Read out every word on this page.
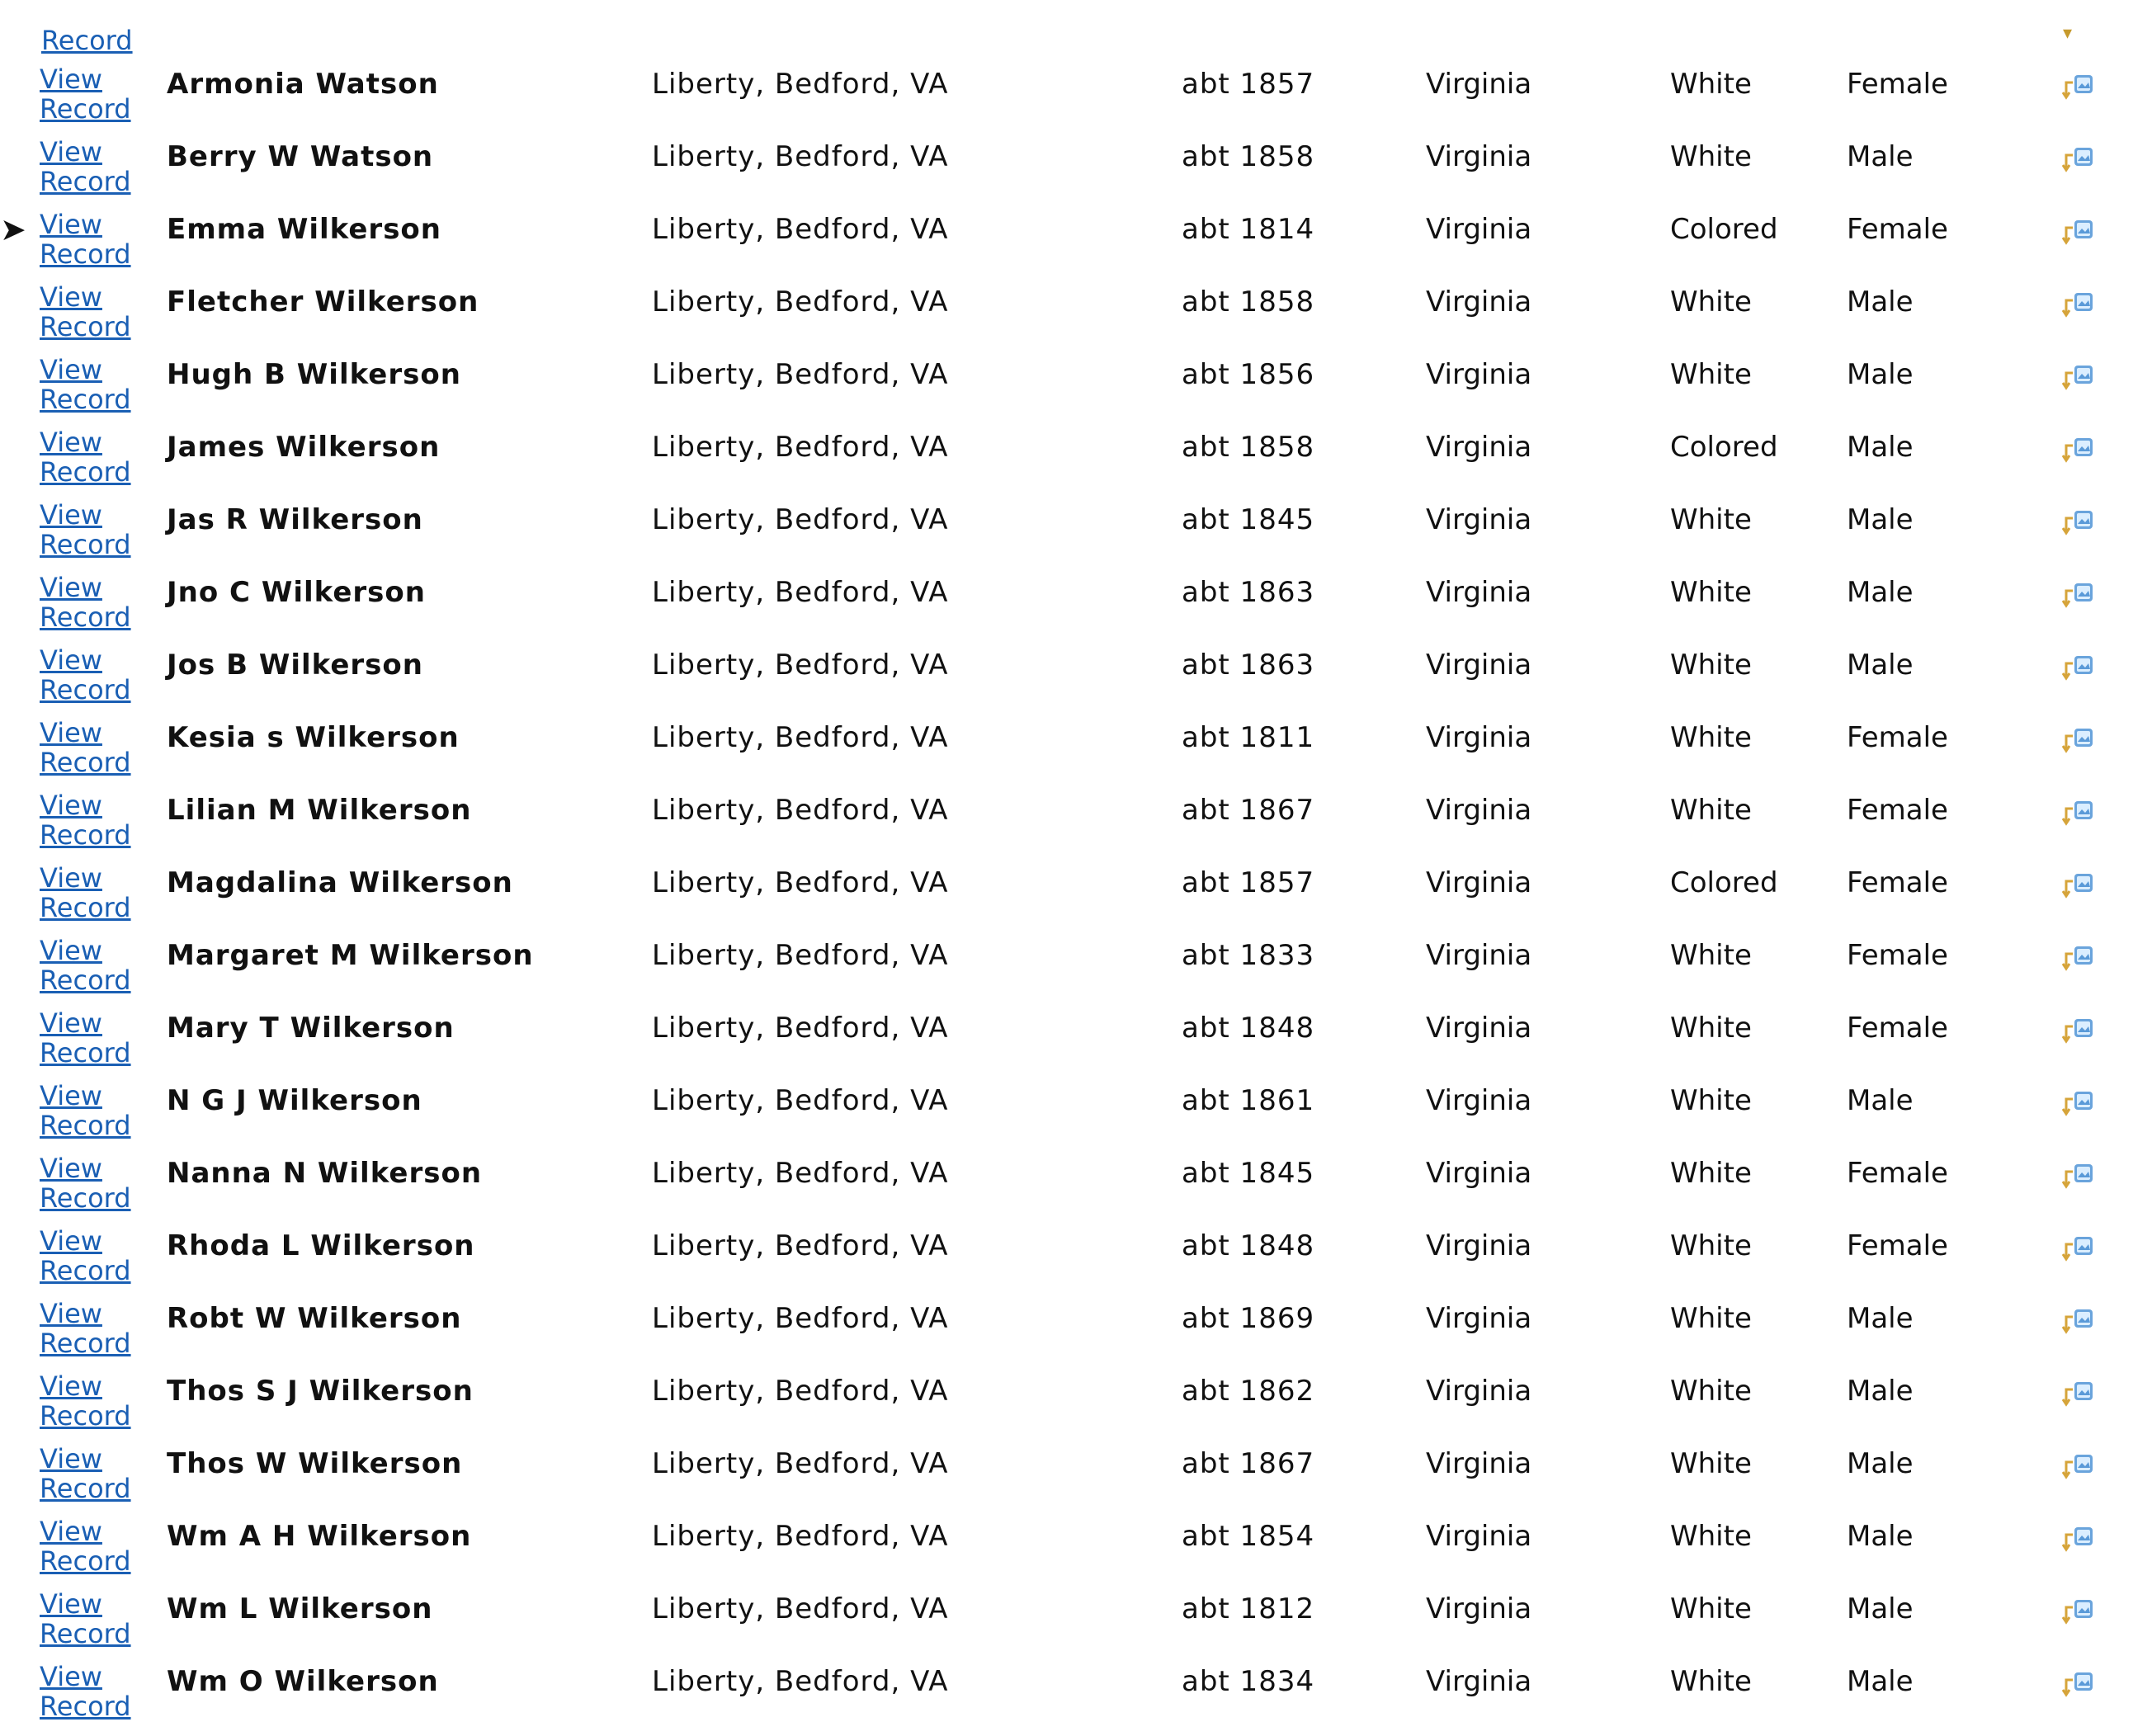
Record	▾
➤
View
Record
Armonia Watson	Liberty, Bedford, VA	abt 1857	Virginia	White	Female
View
Record
Berry W Watson	Liberty, Bedford, VA	abt 1858	Virginia	White	Male
View
Record
Emma Wilkerson	Liberty, Bedford, VA	abt 1814	Virginia	Colored Female
View
Record
Fletcher Wilkerson	Liberty, Bedford, VA	abt 1858	Virginia	White	Male
View
Record
Hugh B Wilkerson	Liberty, Bedford, VA	abt 1856	Virginia	White	Male
View
Record
James Wilkerson	Liberty, Bedford, VA	abt 1858	Virginia	Colored Male
View
Record
Jas R Wilkerson	Liberty, Bedford, VA	abt 1845	Virginia	White	Male
View
Record
Jno C Wilkerson	Liberty, Bedford, VA	abt 1863	Virginia	White	Male
View
Record
Jos B Wilkerson	Liberty, Bedford, VA	abt 1863	Virginia	White	Male
View
Record
Kesia s Wilkerson	Liberty, Bedford, VA	abt 1811	Virginia	White	Female
View
Record
Lilian M Wilkerson	Liberty, Bedford, VA	abt 1867	Virginia	White	Female
View
Record
Magdalina Wilkerson	Liberty, Bedford, VA	abt 1857	Virginia	Colored Female
View
Record
Margaret M Wilkerson	Liberty, Bedford, VA	abt 1833	Virginia	White	Female
View
Record
Mary T Wilkerson	Liberty, Bedford, VA	abt 1848	Virginia	White	Female
View
Record
N G J Wilkerson	Liberty, Bedford, VA	abt 1861	Virginia	White	Male
View
Record
Nanna N Wilkerson	Liberty, Bedford, VA	abt 1845	Virginia	White	Female
View
Record
Rhoda L Wilkerson	Liberty, Bedford, VA	abt 1848	Virginia	White	Female
View
Record
Robt W Wilkerson	Liberty, Bedford, VA	abt 1869	Virginia	White	Male
View
Record
Thos S J Wilkerson	Liberty, Bedford, VA	abt 1862	Virginia	White	Male
View
Record
Thos W Wilkerson	Liberty, Bedford, VA	abt 1867	Virginia	White	Male
View
Record
Wm A H Wilkerson	Liberty, Bedford, VA	abt 1854	Virginia	White	Male
View
Record
Wm L Wilkerson	Liberty, Bedford, VA	abt 1812	Virginia	White	Male
View
Record
Wm O Wilkerson	Liberty, Bedford, VA	abt 1834	Virginia	White	Male
